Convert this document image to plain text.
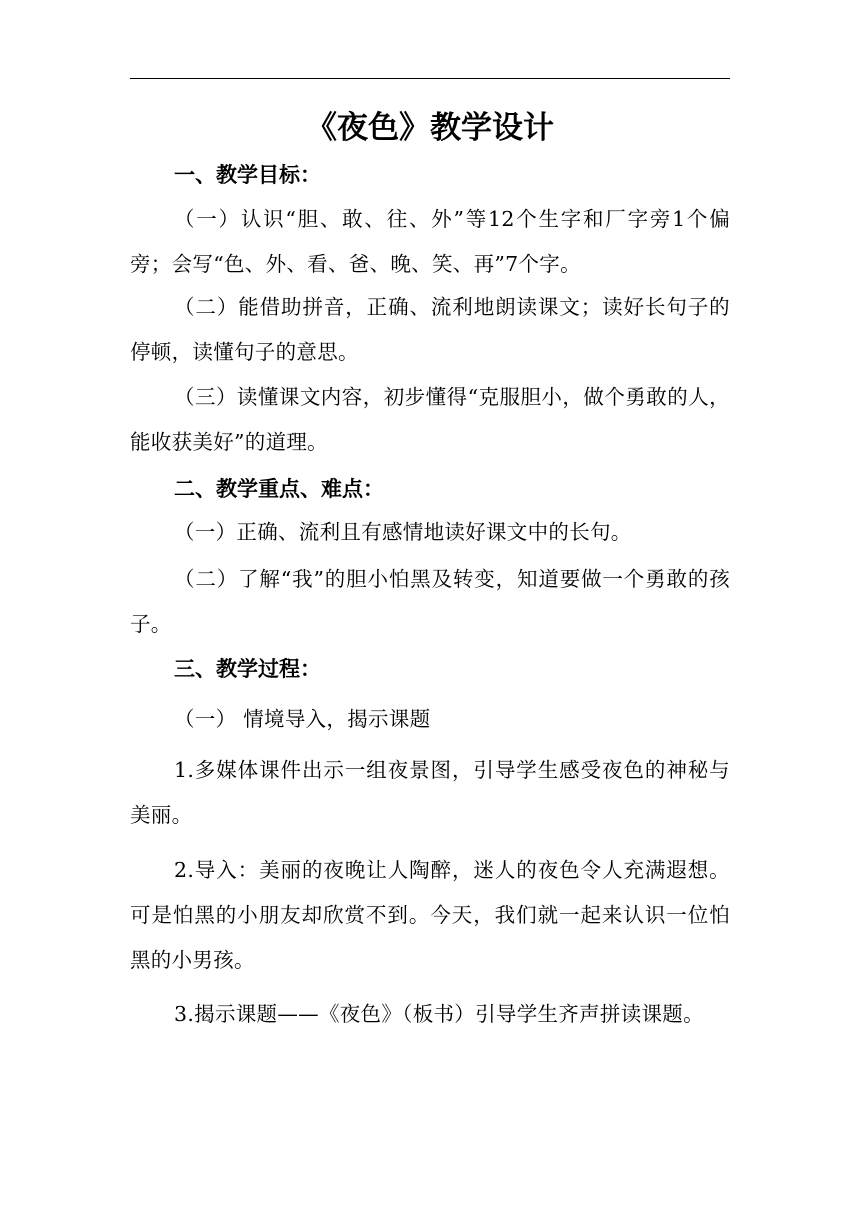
《夜色》教学设计
一、教学目标：
（一）认识“胆、敢、往、外”等12个生字和厂字旁1个偏旁；会写“色、外、看、爸、晚、笑、再”7个字。
（二）能借助拼音，正确、流利地朗读课文；读好长句子的停顿，读懂句子的意思。
（三）读懂课文内容，初步懂得“克服胆小，做个勇敢的人，能收获美好”的道理。
二、教学重点、难点：
（一）正确、流利且有感情地读好课文中的长句。
（二）了解“我”的胆小怕黑及转变，知道要做一个勇敢的孩子。
三、教学过程：
（一） 情境导入，揭示课题
1.多媒体课件出示一组夜景图，引导学生感受夜色的神秘与美丽。
2.导入：美丽的夜晚让人陶醉，迷人的夜色令人充满遐想。可是怕黑的小朋友却欣赏不到。今天，我们就一起来认识一位怕黑的小男孩。
3.揭示课题——《夜色》（板书）引导学生齐声拼读课题。
